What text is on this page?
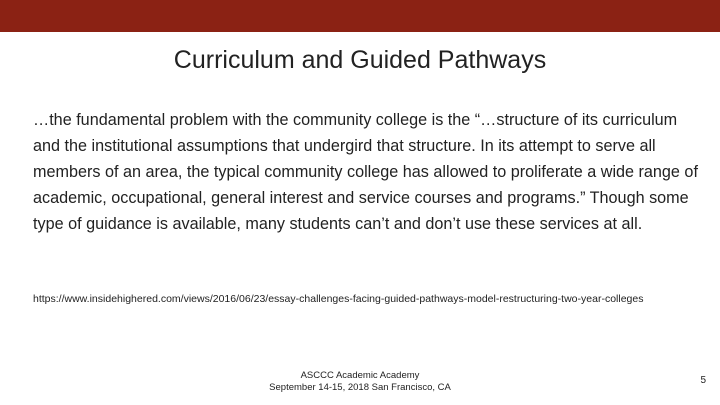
Curriculum and Guided Pathways

…the fundamental problem with the community college is the “…structure of its curriculum and the institutional assumptions that undergird that structure. In its attempt to serve all members of an area, the typical community college has allowed to proliferate a wide range of academic, occupational, general interest and service courses and programs.” Though some type of guidance is available, many students can’t and don’t use these services at all.

https://www.insidehighered.com/views/2016/06/23/essay-challenges-facing-guided-pathways-model-restructuring-two-year-colleges

ASCCC Academic Academy
September 14-15, 2018 San Francisco, CA
5
